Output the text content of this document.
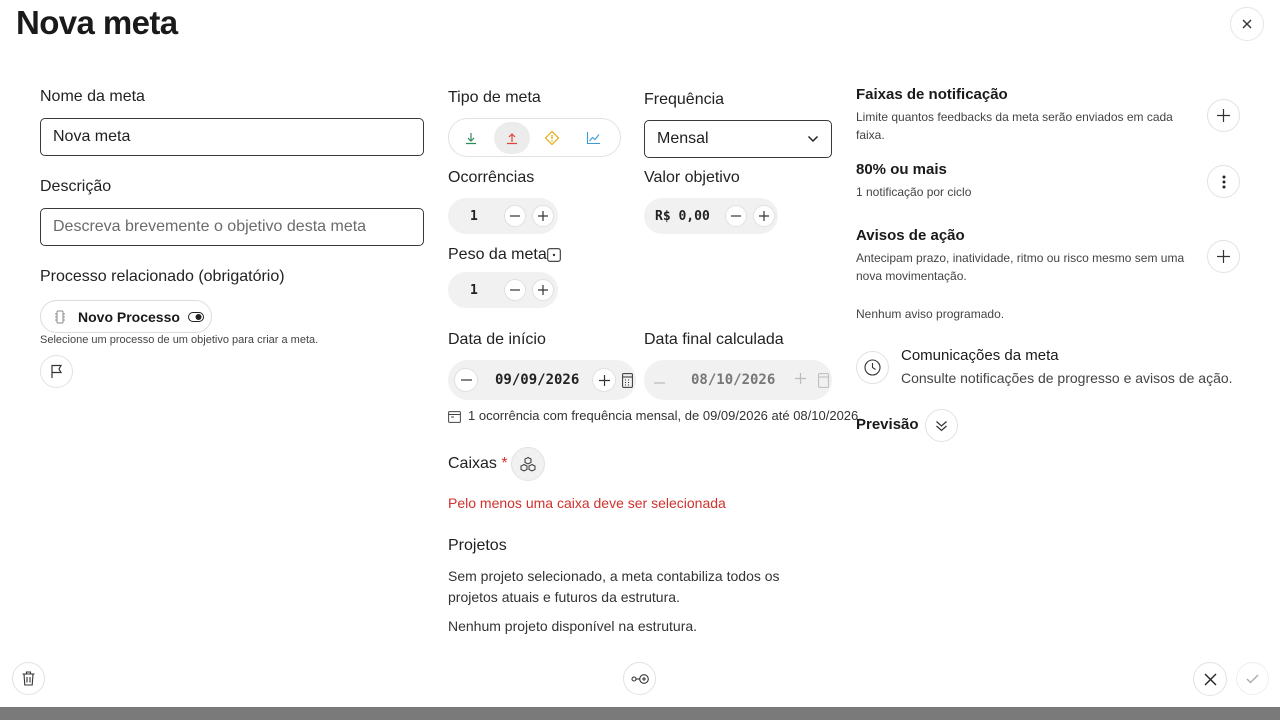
Nova meta
Nome da meta
Nova meta
Descrição
Descreva brevemente o objetivo desta meta
Processo relacionado (obrigatório)
Novo Processo
Selecione um processo de um objetivo para criar a meta.
Tipo de meta	Frequência
Mensal
Ocorrências
1
Valor objetivo
R$ 0,00
Peso da meta
1
Data de início
09/09/2026
Data final calculada
08/10/2026
1 ocorrência com frequência mensal, de 09/09/2026 até 08/10/2026.
Caixas *
Pelo menos uma caixa deve ser selecionada
Projetos
Sem projeto selecionado, a meta contabiliza todos os projetos atuais e futuros da estrutura.
Nenhum projeto disponível na estrutura.
Faixas de notificação
Limite quantos feedbacks da meta serão enviados em cada faixa.
80% ou mais
1 notificação por ciclo
Avisos de ação
Antecipam prazo, inatividade, ritmo ou risco mesmo sem uma nova movimentação.
Nenhum aviso programado.
Comunicações da meta
Consulte notificações de progresso e avisos de ação.
Previsão
